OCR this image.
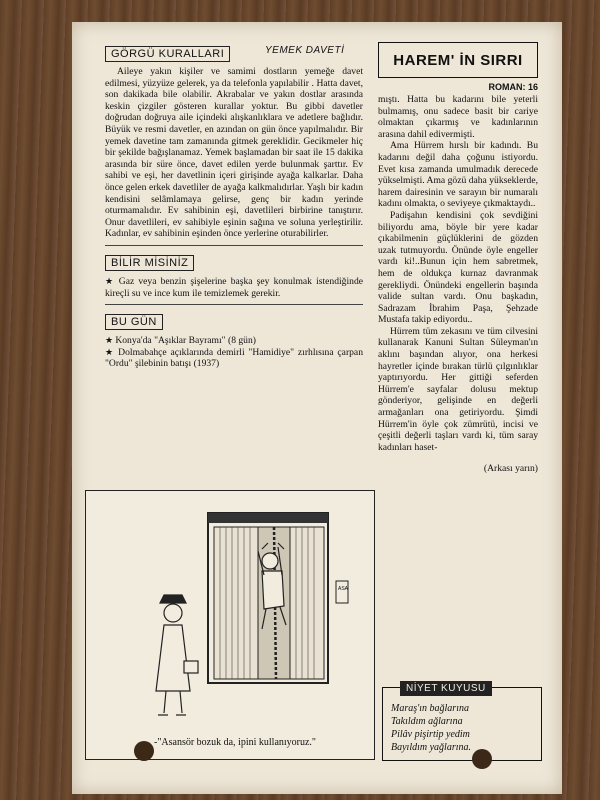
GÖRGÜ KURALLARI	YEMEK DAVETİ

Aileye yakın kişiler ve samimi dostların yemeğe davet edilmesi, yüzyüze gelerek, ya da telefonla yapılabilir . Hatta davet, son dakikada bile olabilir. Akrabalar ve yakın dostlar arasında keskin çizgiler gösteren kurallar yoktur. Bu gibbi davetler doğrudan doğruya aile içindeki alışkanlıklara ve adetlere bağlıdır. Büyük ve resmi davetler, en azından on gün önce yapılmalıdır. Bir yemek davetine tam zamanında gitmek gereklidir. Gecikmeler hiç bir şekilde bağışlanamaz. Yemek başlamadan bir saat ile 15 dakika arasında bir süre önce, davet edilen yerde bulunmak şarttır. Ev sahibi ve eşi, her davetlinin içeri girişinde ayağa kalkarlar. Daha önce gelen erkek davetliler de ayağa kalkmalıdırlar. Yaşlı bir kadın kendisini selâmlamaya gelirse, genç bir kadın yerinde oturmamalıdır. Ev sahibinin eşi, davetlileri birbirine tanıştırır. Onur davetlileri, ev sahibiyle eşinin sağına ve soluna yerleştirilir. Kadınlar, ev sahibinin eşinden önce yerlerine oturabilirler.

BİLİR MİSİNİZ
★ Gaz veya benzin şişelerine başka şey konulmak istendiğinde kireçli su ve ince kum ile temizlemek gerekir.
BU GÜN
★ Konya'da "Aşıklar Bayramı" (8 gün)
★ Dolmabahçe açıklarında demirli "Hamidiye" zırhlısına çarpan "Ordu" şilebinin batışı (1937)
ASA
-"Asansör bozuk da, ipini kullanıyoruz."
HAREM' İN SIRRI
ROMAN: 16

mıştı. Hatta bu kadarını bile yeterli bulmamış, onu sadece basit bir cariye olmaktan çıkarmış ve kadınlarının arasına dahil edivermişti.

Ama Hürrem hırslı bir kadındı. Bu kadarını değil daha çoğunu istiyordu. Evet kısa zamanda umulmadık derecede yükselmişti. Ama gözü daha yükseklerde, harem dairesinin ve sarayın bir numaralı kadını olmakta, o seviyeye çıkmaktaydı..

Padişahın kendisini çok sevdiğini biliyordu ama, böyle bir yere kadar çıkabilmenin güçlüklerini de gözden uzak tutmuyordu. Önünde öyle engeller vardı ki!..Bunun için hem sabretmek, hem de oldukça kurnaz davranmak gerekliydi. Önündeki engellerin başında valide sultan vardı. Onu başkadın, Sadrazam İbrahim Paşa, Şehzade Mustafa takip ediyordu..

Hürrem tüm zekasını ve tüm cilvesini kullanarak Kanuni Sultan Süleyman'ın aklını başından alıyor, ona herkesi hayretler içinde bırakan türlü çılgınlıklar yaptırıyordu. Her gittiği seferden Hürrem'e sayfalar dolusu mektup gönderiyor, gelişinde en değerli armağanları ona getiriyordu. Şimdi Hürrem'in öyle çok zümrütü, incisi ve çeşitli değerli taşları vardı ki, tüm saray kadınları haset-

(Arkası yarın)
NİYET KUYUSU
Maraş'ın bağlarına
Takıldım ağlarına
Pilâv pişirtip yedim
Bayıldım yağlarına.
